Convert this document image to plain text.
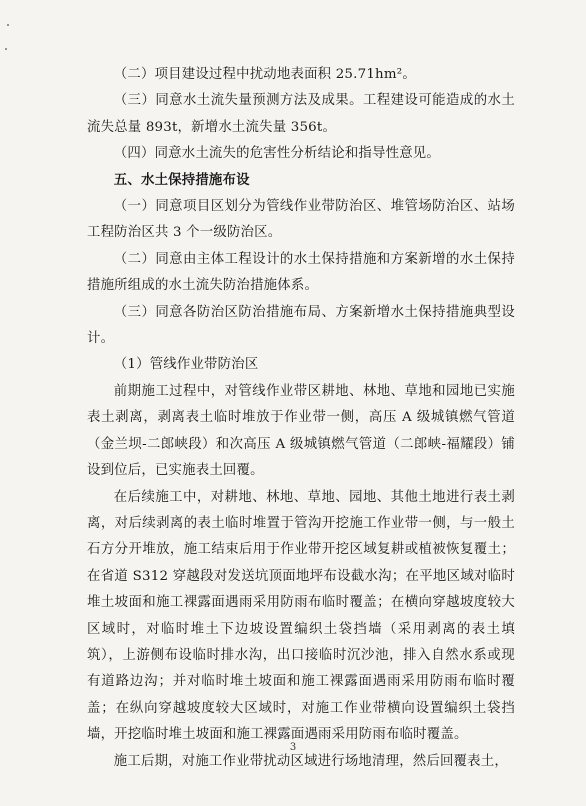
（二）项目建设过程中扰动地表面积 25.71hm²。

（三）同意水土流失量预测方法及成果。工程建设可能造成的水土流失总量 893t，新增水土流失量 356t。

（四）同意水土流失的危害性分析结论和指导性意见。

五、水土保持措施布设

（一）同意项目区划分为管线作业带防治区、堆管场防治区、站场工程防治区共 3 个一级防治区。

（二）同意由主体工程设计的水土保持措施和方案新增的水土保持措施所组成的水土流失防治措施体系。

（三）同意各防治区防治措施布局、方案新增水土保持措施典型设计。

（1）管线作业带防治区

前期施工过程中，对管线作业带区耕地、林地、草地和园地已实施表土剥离，剥离表土临时堆放于作业带一侧，高压 A 级城镇燃气管道（金兰坝-二郎峡段）和次高压 A 级城镇燃气管道（二郎峡-福耀段）铺设到位后，已实施表土回覆。

在后续施工中，对耕地、林地、草地、园地、其他土地进行表土剥离，对后续剥离的表土临时堆置于管沟开挖施工作业带一侧，与一般土石方分开堆放，施工结束后用于作业带开挖区域复耕或植被恢复覆土；在省道 S312 穿越段对发送坑顶面地坪布设截水沟；在平地区域对临时堆土坡面和施工裸露面遇雨采用防雨布临时覆盖；在横向穿越坡度较大区域时，对临时堆土下边坡设置编织土袋挡墙（采用剥离的表土填筑），上游侧布设临时排水沟，出口接临时沉沙池，排入自然水系或现有道路边沟；并对临时堆土坡面和施工裸露面遇雨采用防雨布临时覆盖；在纵向穿越坡度较大区域时，对施工作业带横向设置编织土袋挡墙，开挖临时堆土坡面和施工裸露面遇雨采用防雨布临时覆盖。

施工后期，对施工作业带扰动区域进行场地清理，然后回覆表土，

3
